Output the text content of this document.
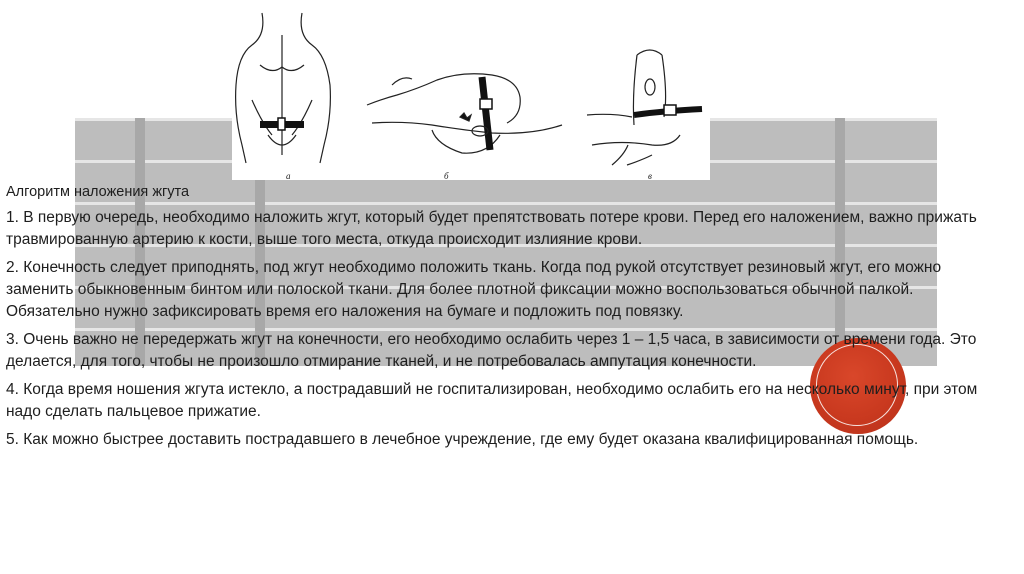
а	б	в

Алгоритм наложения жгута

1. В первую очередь, необходимо наложить жгут, который будет препятствовать потере крови. Перед его наложением, важно прижать травмированную артерию к кости, выше того места, откуда происходит излияние крови.

2. Конечность следует приподнять, под жгут необходимо положить ткань. Когда под рукой отсутствует резиновый жгут, его можно заменить обыкновенным бинтом или полоской ткани. Для более плотной фиксации можно воспользоваться обычной палкой. Обязательно нужно зафиксировать время его наложения на бумаге и подложить под повязку.

3. Очень важно не передержать жгут на конечности, его необходимо ослабить через 1 – 1,5 часа, в зависимости от времени года. Это делается, для того, чтобы не произошло отмирание тканей, и не потребовалась ампутация конечности.

4. Когда время ношения жгута истекло, а пострадавший не госпитализирован, необходимо ослабить его на несколько минут, при этом надо сделать пальцевое прижатие.

5. Как можно быстрее доставить пострадавшего в лечебное учреждение, где ему будет оказана квалифицированная помощь.
